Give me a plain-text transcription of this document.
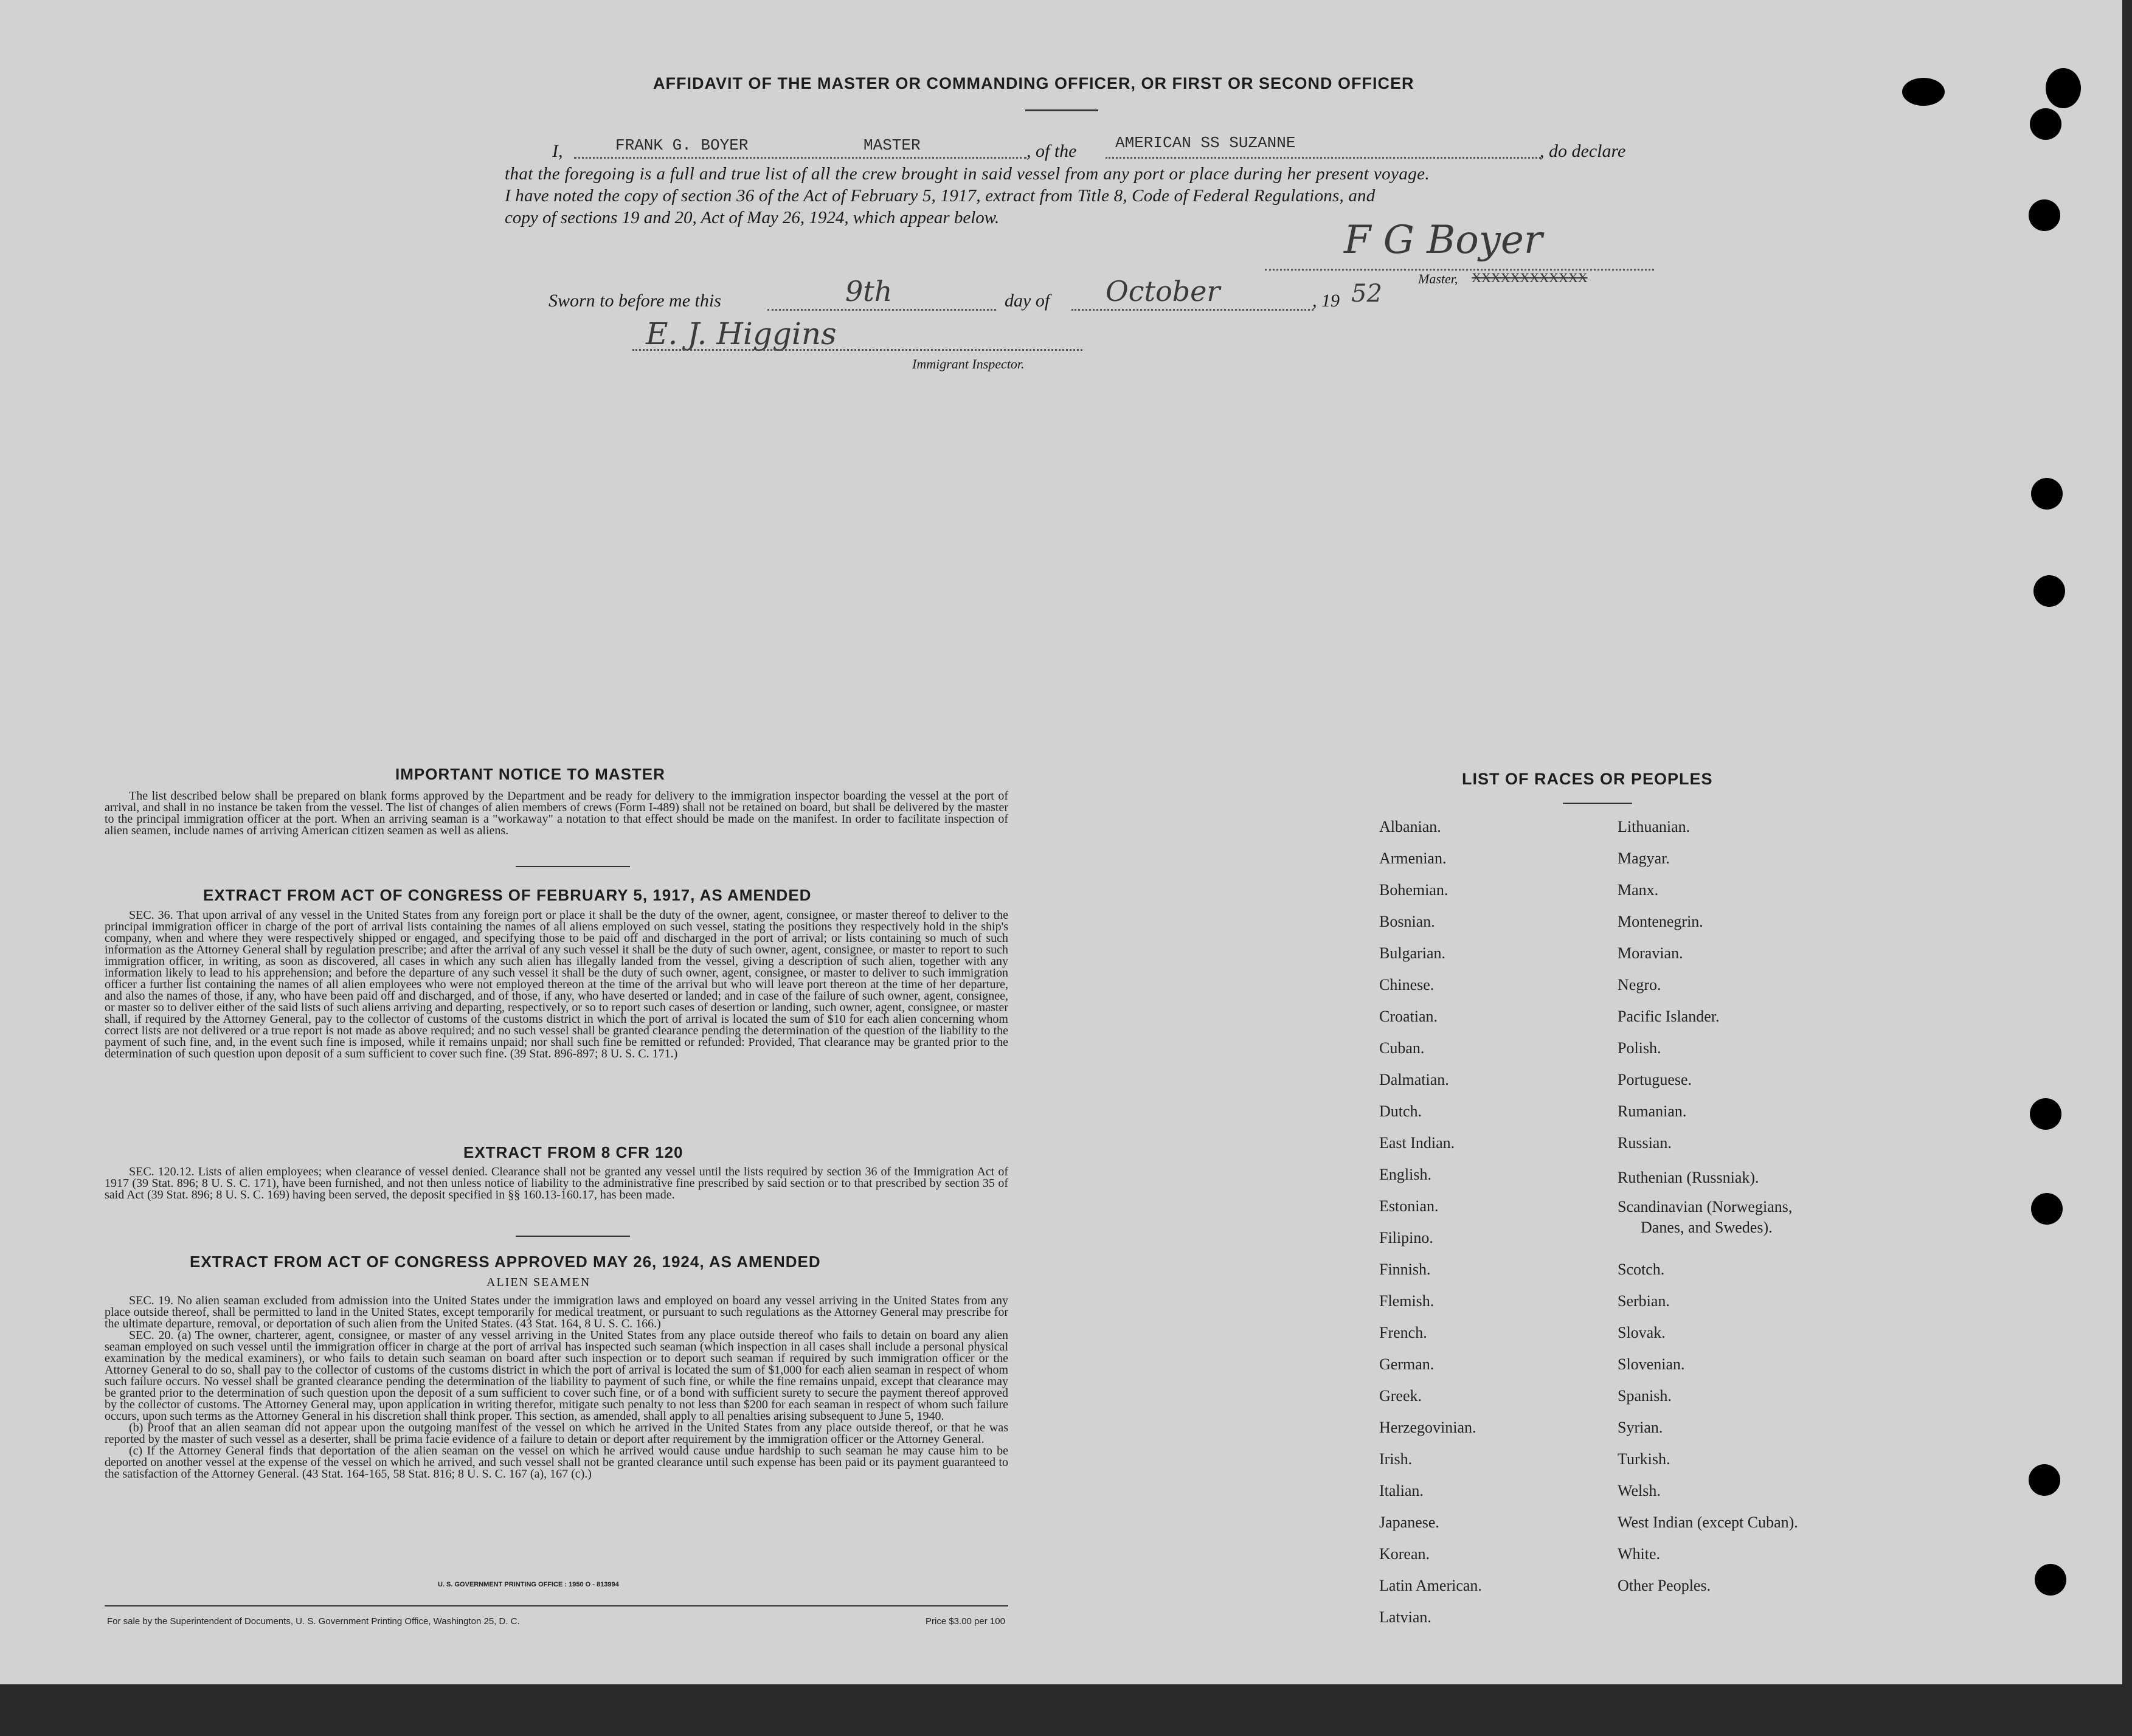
AFFIDAVIT OF THE MASTER OR COMMANDING OFFICER, OR FIRST OR SECOND OFFICER
I,	FRANK G. BOYER	MASTER	, of the AMERICAN SS SUZANNE	, do declare
that the foregoing is a full and true list of all the crew brought in said vessel from any port or place during her present voyage.
I have noted the copy of section 36 of the Act of February 5, 1917, extract from Title 8, Code of Federal Regulations, and
copy of sections 19 and 20, Act of May 26, 1924, which appear below.	F G Boyer
Master, XXXXXXXXXXXX
Sworn to before me this	9th	day of October	, 19 52
E. J. Higgins
Immigrant Inspector.
IMPORTANT NOTICE TO MASTER

The list described below shall be prepared on blank forms approved by the Department and be ready for delivery to the immigration inspector boarding the vessel at the port of arrival, and shall in no instance be taken from the vessel. The list of changes of alien members of crews (Form I-489) shall not be retained on board, but shall be delivered by the master to the principal immigration officer at the port. When an arriving seaman is a "workaway" a notation to that effect should be made on the manifest. In order to facilitate inspection of alien seamen, include names of arriving American citizen seamen as well as aliens.

EXTRACT FROM ACT OF CONGRESS OF FEBRUARY 5, 1917, AS AMENDED

SEC. 36. That upon arrival of any vessel in the United States from any foreign port or place it shall be the duty of the owner, agent, consignee, or master thereof to deliver to the principal immigration officer in charge of the port of arrival lists containing the names of all aliens employed on such vessel, stating the positions they respectively hold in the ship's company, when and where they were respectively shipped or engaged, and specifying those to be paid off and discharged in the port of arrival; or lists containing so much of such information as the Attorney General shall by regulation prescribe; and after the arrival of any such vessel it shall be the duty of such owner, agent, consignee, or master to report to such immigration officer, in writing, as soon as discovered, all cases in which any such alien has illegally landed from the vessel, giving a description of such alien, together with any information likely to lead to his apprehension; and before the departure of any such vessel it shall be the duty of such owner, agent, consignee, or master to deliver to such immigration officer a further list containing the names of all alien employees who were not employed thereon at the time of the arrival but who will leave port thereon at the time of her departure, and also the names of those, if any, who have been paid off and discharged, and of those, if any, who have deserted or landed; and in case of the failure of such owner, agent, consignee, or master so to deliver either of the said lists of such aliens arriving and departing, respectively, or so to report such cases of desertion or landing, such owner, agent, consignee, or master shall, if required by the Attorney General, pay to the collector of customs of the customs district in which the port of arrival is located the sum of $10 for each alien concerning whom correct lists are not delivered or a true report is not made as above required; and no such vessel shall be granted clearance pending the determination of the question of the liability to the payment of such fine, and, in the event such fine is imposed, while it remains unpaid; nor shall such fine be remitted or refunded: Provided, That clearance may be granted prior to the determination of such question upon deposit of a sum sufficient to cover such fine. (39 Stat. 896-897; 8 U. S. C. 171.)

EXTRACT FROM 8 CFR 120

SEC. 120.12. Lists of alien employees; when clearance of vessel denied. Clearance shall not be granted any vessel until the lists required by section 36 of the Immigration Act of 1917 (39 Stat. 896; 8 U. S. C. 171), have been furnished, and not then unless notice of liability to the administrative fine prescribed by said section or to that prescribed by section 35 of said Act (39 Stat. 896; 8 U. S. C. 169) having been served, the deposit specified in §§ 160.13-160.17, has been made.

EXTRACT FROM ACT OF CONGRESS APPROVED MAY 26, 1924, AS AMENDED
ALIEN SEAMEN

SEC. 19. No alien seaman excluded from admission into the United States under the immigration laws and employed on board any vessel arriving in the United States from any place outside thereof, shall be permitted to land in the United States, except temporarily for medical treatment, or pursuant to such regulations as the Attorney General may prescribe for the ultimate departure, removal, or deportation of such alien from the United States. (43 Stat. 164, 8 U. S. C. 166.)

SEC. 20. (a) The owner, charterer, agent, consignee, or master of any vessel arriving in the United States from any place outside thereof who fails to detain on board any alien seaman employed on such vessel until the immigration officer in charge at the port of arrival has inspected such seaman (which inspection in all cases shall include a personal physical examination by the medical examiners), or who fails to detain such seaman on board after such inspection or to deport such seaman if required by such immigration officer or the Attorney General to do so, shall pay to the collector of customs of the customs district in which the port of arrival is located the sum of $1,000 for each alien seaman in respect of whom such failure occurs. No vessel shall be granted clearance pending the determination of the liability to payment of such fine, or while the fine remains unpaid, except that clearance may be granted prior to the determination of such question upon the deposit of a sum sufficient to cover such fine, or of a bond with sufficient surety to secure the payment thereof approved by the collector of customs. The Attorney General may, upon application in writing therefor, mitigate such penalty to not less than $200 for each seaman in respect of whom such failure occurs, upon such terms as the Attorney General in his discretion shall think proper. This section, as amended, shall apply to all penalties arising subsequent to June 5, 1940.

(b) Proof that an alien seaman did not appear upon the outgoing manifest of the vessel on which he arrived in the United States from any place outside thereof, or that he was reported by the master of such vessel as a deserter, shall be prima facie evidence of a failure to detain or deport after requirement by the immigration officer or the Attorney General.

(c) If the Attorney General finds that deportation of the alien seaman on the vessel on which he arrived would cause undue hardship to such seaman he may cause him to be deported on another vessel at the expense of the vessel on which he arrived, and such vessel shall not be granted clearance until such expense has been paid or its payment guaranteed to the satisfaction of the Attorney General. (43 Stat. 164-165, 58 Stat. 816; 8 U. S. C. 167 (a), 167 (c).)

U. S. GOVERNMENT PRINTING OFFICE : 1950 O - 813994
For sale by the Superintendent of Documents, U. S. Government Printing Office, Washington 25, D. C.	Price $3.00 per 100
LIST OF RACES OR PEOPLES
Albanian.
Armenian.
Bohemian.
Bosnian.
Bulgarian.
Chinese.
Croatian.
Cuban.
Dalmatian.
Dutch.
East Indian.
English.
Estonian.
Filipino.
Finnish.
Flemish.
French.
German.
Greek.
Herzegovinian.
Irish.
Italian.
Japanese.
Korean.
Latin American.
Latvian.
Lithuanian.
Magyar.
Manx.
Montenegrin.
Moravian.
Negro.
Pacific Islander.
Polish.
Portuguese.
Rumanian.
Russian.
Ruthenian (Russniak).
Scandinavian (Norwegians,
Danes, and Swedes).
Scotch.
Serbian.
Slovak.
Slovenian.
Spanish.
Syrian.
Turkish.
Welsh.
West Indian (except Cuban).
White.
Other Peoples.
